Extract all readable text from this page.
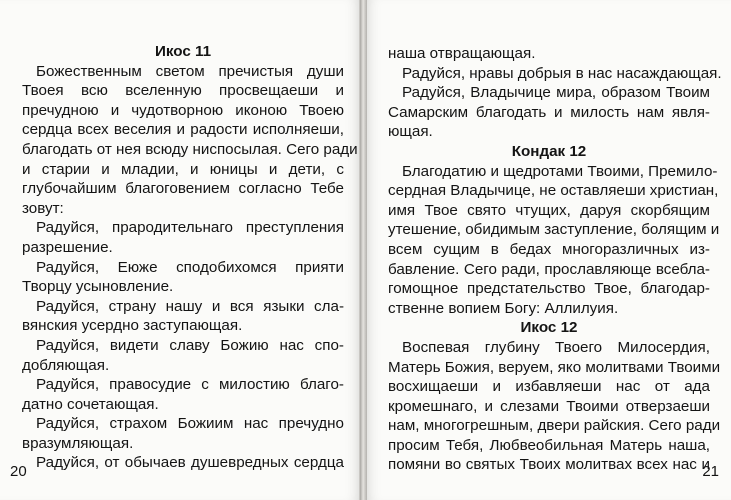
Икос 11
Божественным светом пречистыя души
Твоея всю вселенную просвещаеши и
пречудною и чудотворною иконою Твоею
сердца всех веселия и радости исполняеши,
благодать от нея всюду ниспосылая. Сего ради
и старии и младии, и юницы и дети, с
глубочайшим благоговением согласно Тебе
зовут:
Радуйся, прародительнаго преступления
разрешение.
Радуйся, Еюже сподобихомся прияти
Творцу усыновление.
Радуйся, страну нашу и вся языки сла-
вянския усердно заступающая.
Радуйся, видети славу Божию нас спо-
добляющая.
Радуйся, правосудие с милостию благо-
датно сочетающая.
Радуйся, страхом Божиим нас пречудно
вразумляющая.
Радуйся, от обычаев душевредных сердца
20
наша отвращающая.
Радуйся, нравы добрыя в нас насаждающая.
Радуйся, Владычице мира, образом Твоим
Самарским благодать и милость нам явля-
ющая.
Кондак 12
Благодатию и щедротами Твоими, Премило-
сердная Владычице, не оставляеши христиан,
имя Твое свято чтущих, даруя скорбящим
утешение, обидимым заступление, болящим и
всем сущим в бедах многоразличных из-
бавление. Сего ради, прославляюще всебла-
гомощное предстательство Твое, благодар-
ственне вопием Богу: Аллилуия.
Икос 12
Воспевая глубину Твоего Милосердия,
Матерь Божия, веруем, яко молитвами Твоими
восхищаеши и избавляеши нас от ада
кромешнаго, и слезами Твоими отверзаеши
нам, многогрешным, двери райския. Сего ради
просим Тебя, Любвеобильная Матерь наша,
помяни во святых Твоих молитвах всех нас и
21
